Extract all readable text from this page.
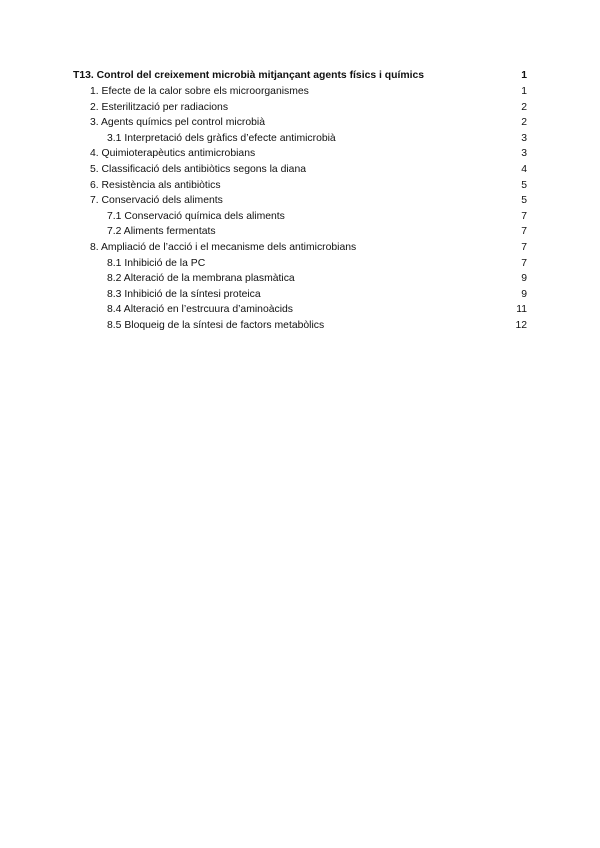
T13. Control del creixement microbià mitjançant agents físics i químics	1
1. Efecte de la calor sobre els microorganismes	1
2. Esterilització per radiacions	2
3. Agents químics pel control microbià	2
3.1 Interpretació dels gràfics d’efecte antimicrobià	3
4. Quimioterapèutics antimicrobians	3
5. Classificació dels antibiòtics segons la diana	4
6. Resistència als antibiòtics	5
7. Conservació dels aliments	5
7.1 Conservació química dels aliments	7
7.2 Aliments fermentats	7
8. Ampliació de l’acció i el mecanisme dels antimicrobians	7
8.1 Inhibició de la PC	7
8.2 Alteració de la membrana plasmàtica	9
8.3 Inhibició de la síntesi proteica	9
8.4 Alteració en l’estrcuura d’aminoàcids	11
8.5 Bloqueig de la síntesi de factors metabòlics	12
